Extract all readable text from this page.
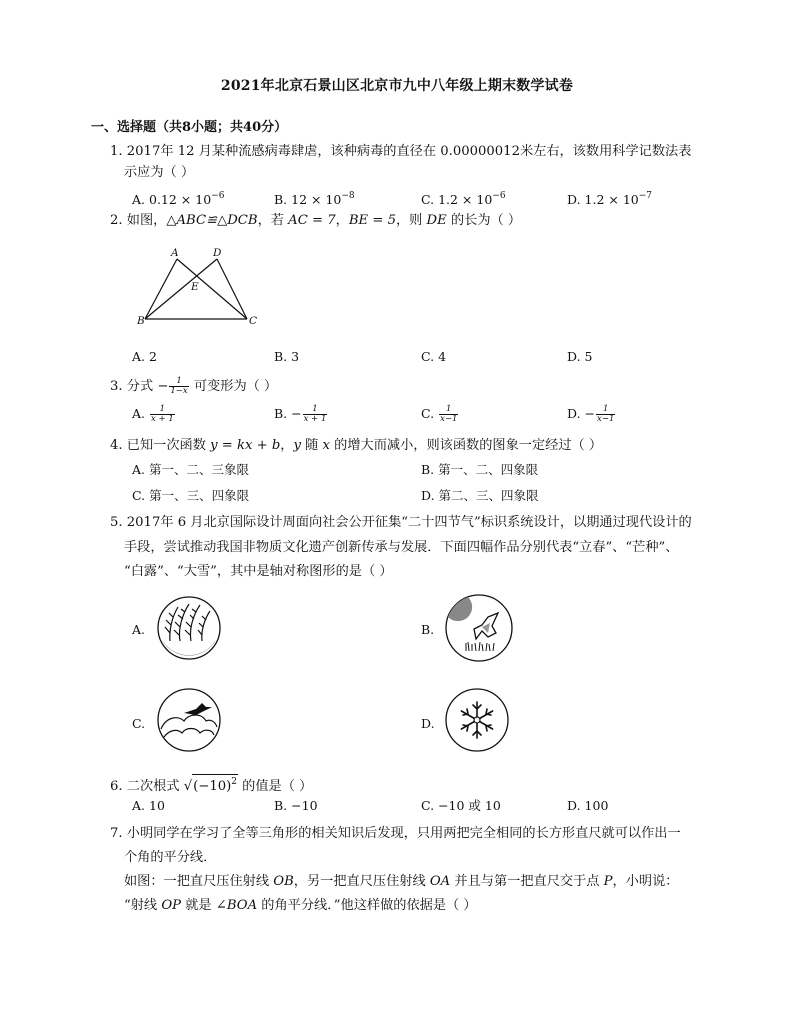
2021年北京石景山区北京市九中八年级上期末数学试卷
一、选择题（共8小题；共40分）
1. 2017年 12 月某种流感病毒肆虐，该种病毒的直径在 0.00000012米左右，该数用科学记数法表
示应为（ ）
A. $0.12 \times 10^{-6}$	B. $12 \times 10^{-8}$	C. $1.2 \times 10^{-6}$	D. $1.2 \times 10^{-7}$
2. 如图，△ABC≌△DCB，若 AC = 7，BE = 5，则 DE 的长为（ ）
A	D
E
B	C
A. 2	B. 3	C. 4	D. 5
3. 分式 − $\frac{1}{1-x}$ 可变形为（ ）
A. $\frac{1}{x + 1}$	B. − $\frac{1}{x + 1}$	C. $\frac{1}{x-1}$	D. − $\frac{1}{x-1}$
4. 已知一次函数 y = kx + b，y 随 x 的增大而减小，则该函数的图象一定经过（ ）
A. 第一、二、三象限	B. 第一、二、四象限
C. 第一、三、四象限	D. 第二、三、四象限
5. 2017年 6 月北京国际设计周面向社会公开征集“二十四节气”标识系统设计，以期通过现代设计的
手段，尝试推动我国非物质文化遗产创新传承与发展．下面四幅作品分别代表“立春”、“芒种”、
“白露”、“大雪”，其中是轴对称图形的是（ ）
A.	B.
C.	D.
6. 二次根式 $√(-10)^2$ 的值是（ ）
A. 10	B. −10	C. −10 或 10	D. 100
7. 小明同学在学习了全等三角形的相关知识后发现，只用两把完全相同的长方形直尺就可以作出一
个角的平分线．
如图：一把直尺压住射线 OB，另一把直尺压住射线 OA 并且与第一把直尺交于点 P，小明说：
“射线 OP 就是 ∠BOA 的角平分线．”他这样做的依据是（ ）
